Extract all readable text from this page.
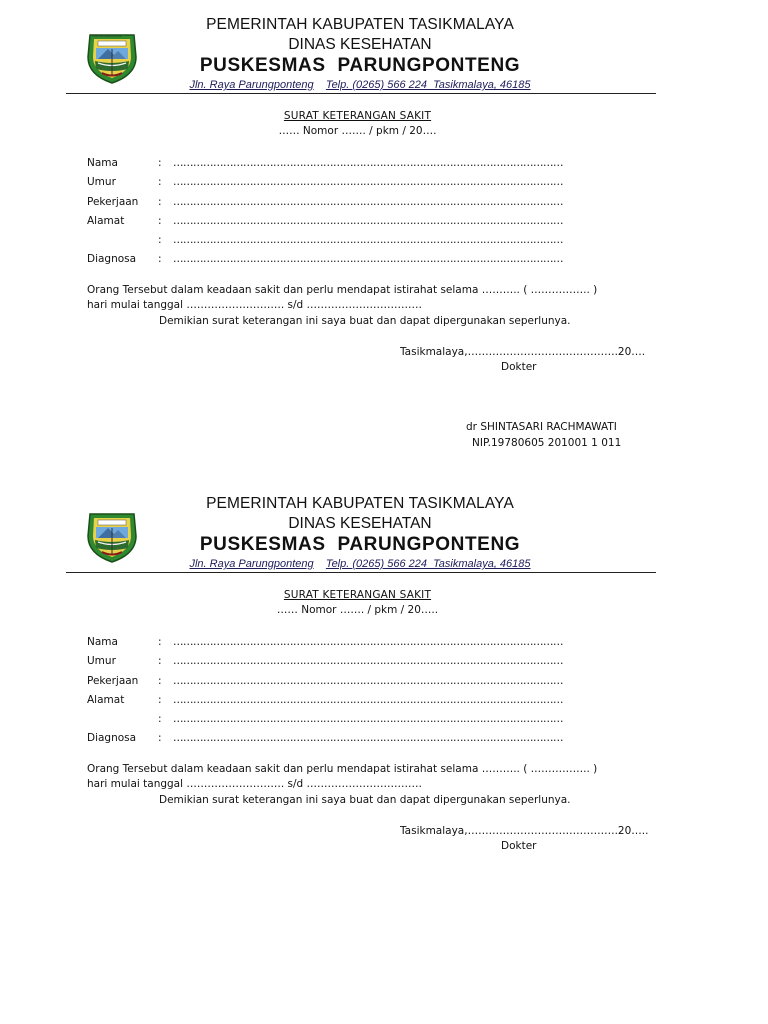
SUKAPURA NGADAUN NGORA
PEMERINTAH KABUPATEN TASIKMALAYA
DINAS KESEHATAN
PUSKESMAS PARUNGPONTENG
Jln. Raya Parungponteng Telp. (0265) 566 224  Tasikmalaya, 46185
SURAT KETERANGAN SAKIT
…… Nomor ……. / pkm / 20….
Nama	: ………………………………………………………………………………………………………
Umur	: ………………………………………………………………………………………………………
Pekerjaan : ………………………………………………………………………………………………………
Alamat	: ………………………………………………………………………………………………………
: ………………………………………………………………………………………………………
Diagnosa : ………………………………………………………………………………………………………
Orang Tersebut dalam keadaan sakit dan perlu mendapat istirahat selama ……….. ( …………….. )
hari mulai tanggal ………………………. s/d ……………………………
Demikian surat keterangan ini saya buat dan dapat dipergunakan seperlunya.
Tasikmalaya,…………………………………….20….
Dokter
dr SHINTASARI RACHMAWATI
NIP.19780605 201001 1 011
PEMERINTAH KABUPATEN TASIKMALAYA
DINAS KESEHATAN
PUSKESMAS PARUNGPONTENG
Jln. Raya Parungponteng Telp. (0265) 566 224  Tasikmalaya, 46185
SURAT KETERANGAN SAKIT
…… Nomor ……. / pkm / 20…..
Nama	: ………………………………………………………………………………………………………
Umur	: ………………………………………………………………………………………………………
Pekerjaan : ………………………………………………………………………………………………………
Alamat	: ………………………………………………………………………………………………………
: ………………………………………………………………………………………………………
Diagnosa : ………………………………………………………………………………………………………
Orang Tersebut dalam keadaan sakit dan perlu mendapat istirahat selama ……….. ( …………….. )
hari mulai tanggal ………………………. s/d ……………………………
Demikian surat keterangan ini saya buat dan dapat dipergunakan seperlunya.
Tasikmalaya,…………………………………….20…..
Dokter
